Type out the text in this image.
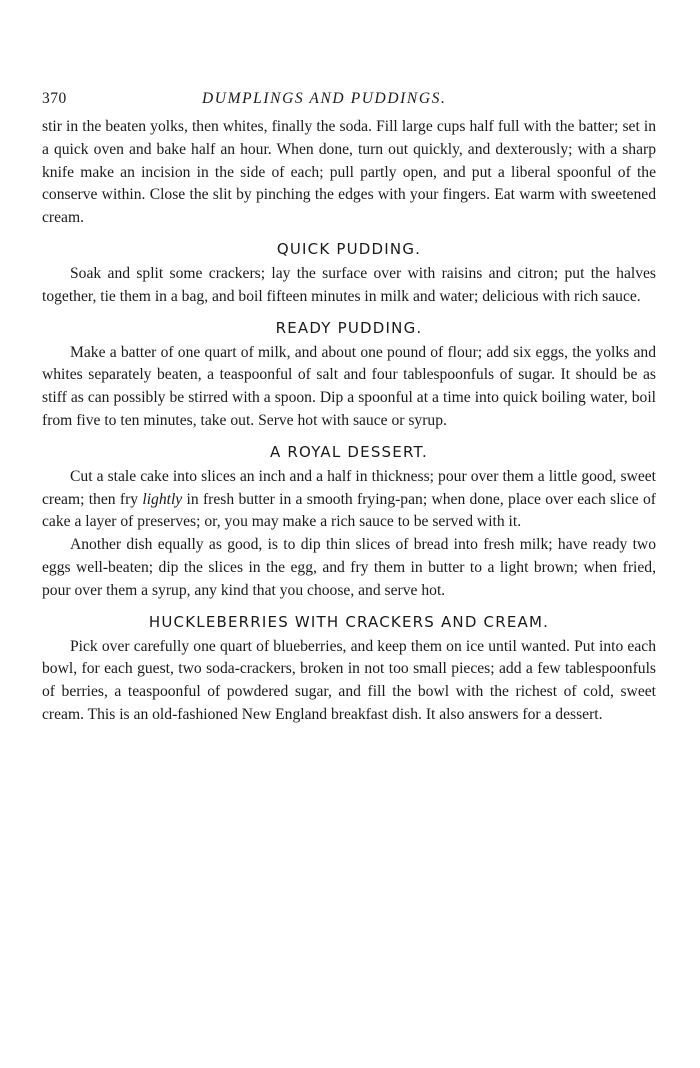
370	DUMPLINGS AND PUDDINGS.

stir in the beaten yolks, then whites, finally the soda. Fill large cups half full with the batter; set in a quick oven and bake half an hour. When done, turn out quickly, and dexterously; with a sharp knife make an incision in the side of each; pull partly open, and put a liberal spoonful of the conserve within. Close the slit by pinching the edges with your fingers. Eat warm with sweetened cream.

QUICK PUDDING.

Soak and split some crackers; lay the surface over with raisins and citron; put the halves together, tie them in a bag, and boil fifteen minutes in milk and water; delicious with rich sauce.

READY PUDDING.

Make a batter of one quart of milk, and about one pound of flour; add six eggs, the yolks and whites separately beaten, a teaspoonful of salt and four tablespoonfuls of sugar. It should be as stiff as can possibly be stirred with a spoon. Dip a spoonful at a time into quick boiling water, boil from five to ten minutes, take out. Serve hot with sauce or syrup.

A ROYAL DESSERT.

Cut a stale cake into slices an inch and a half in thickness; pour over them a little good, sweet cream; then fry lightly in fresh butter in a smooth frying-pan; when done, place over each slice of cake a layer of preserves; or, you may make a rich sauce to be served with it.

Another dish equally as good, is to dip thin slices of bread into fresh milk; have ready two eggs well-beaten; dip the slices in the egg, and fry them in butter to a light brown; when fried, pour over them a syrup, any kind that you choose, and serve hot.

HUCKLEBERRIES WITH CRACKERS AND CREAM.

Pick over carefully one quart of blueberries, and keep them on ice until wanted. Put into each bowl, for each guest, two soda-crackers, broken in not too small pieces; add a few tablespoonfuls of berries, a teaspoonful of powdered sugar, and fill the bowl with the richest of cold, sweet cream. This is an old-fashioned New England breakfast dish. It also answers for a dessert.
